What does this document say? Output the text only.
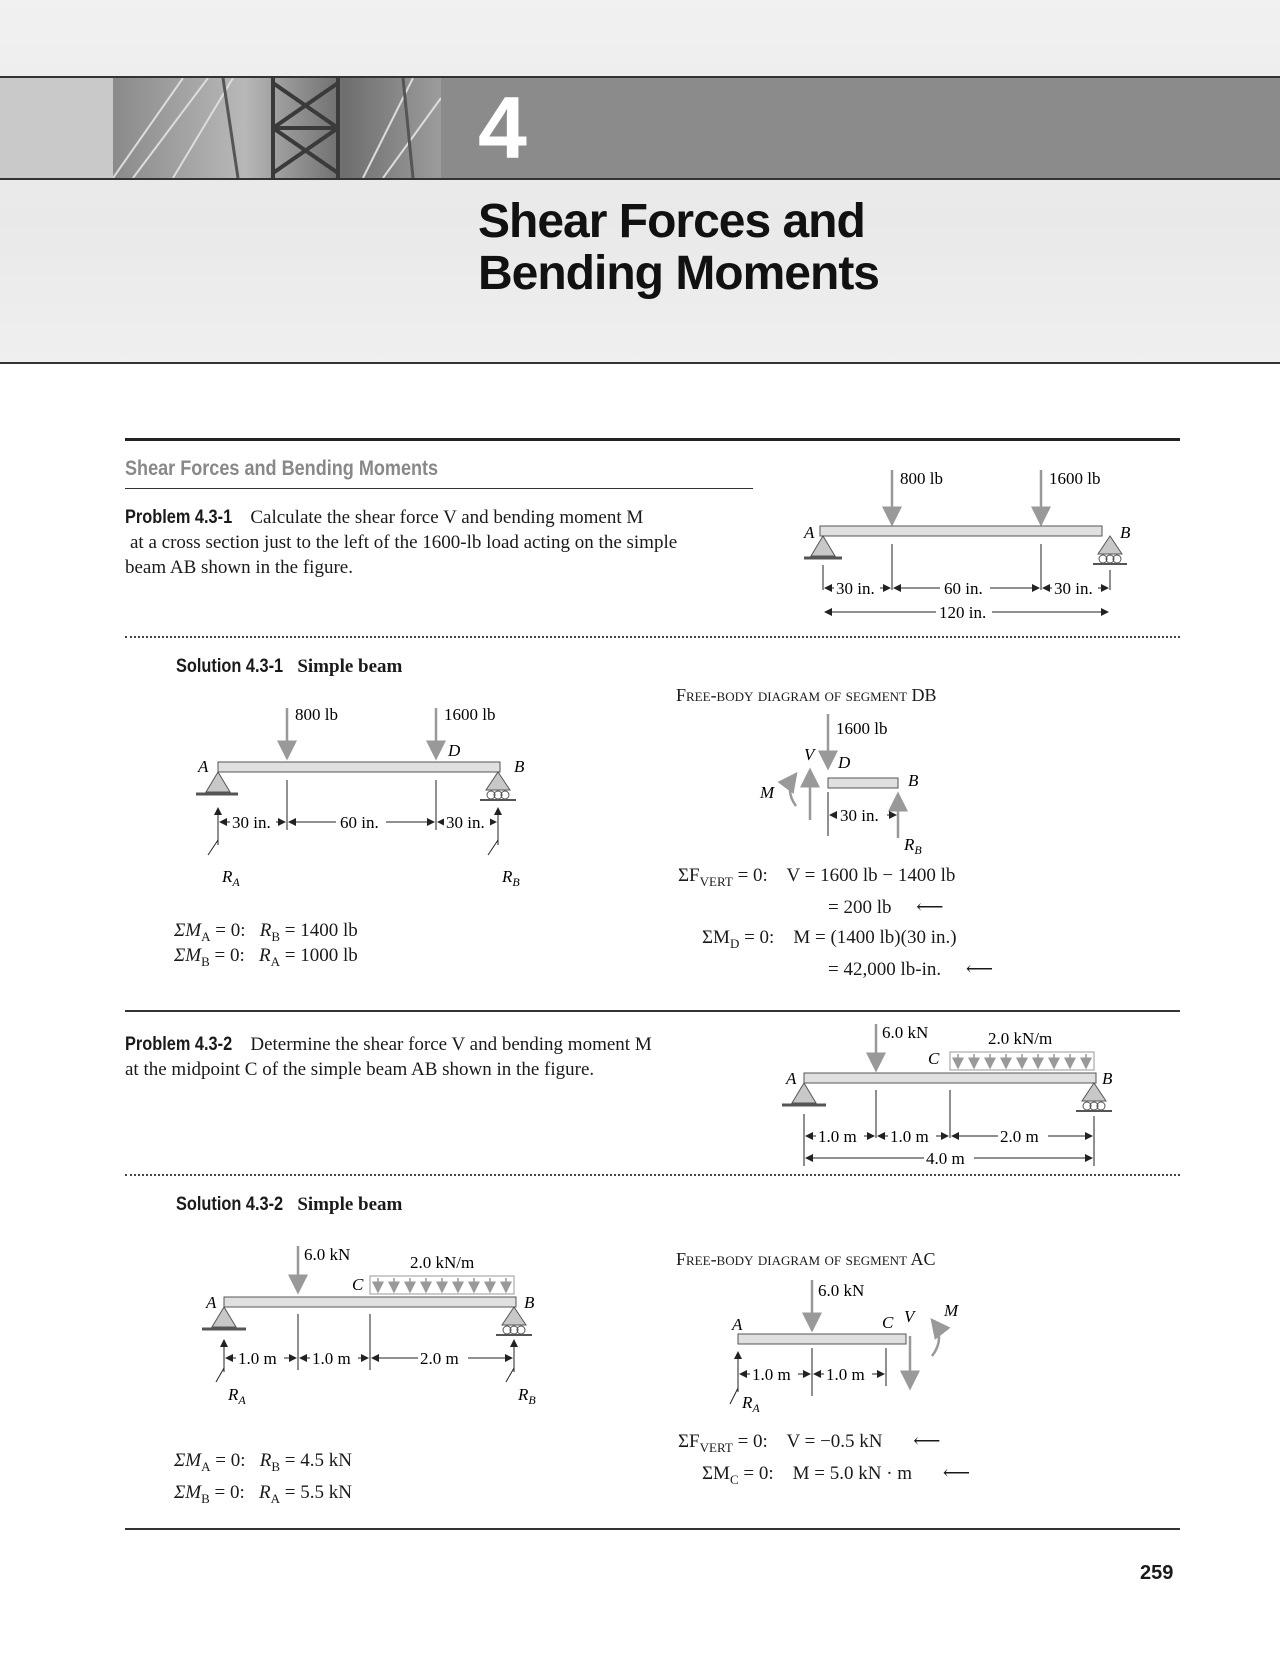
4
Shear Forces and
Bending Moments
Shear Forces and Bending Moments
Problem 4.3-1 Calculate the shear force V and bending moment M
at a cross section just to the left of the 1600-lb load acting on the simple
beam AB shown in the figure.
800 lb	1600 lb
A	B
30 in.	60 in.	30 in.
120 in.
Solution 4.3-1 Simple beam
800 lb	1600 lb
D
A	B
30 in.	60 in.	30 in.
$R_A$	$R_B$
$\Sigma M_A = 0$: $R_B = 1400$ lb
$\Sigma M_B = 0$: $R_A = 1000$ lb
Free-body diagram of segment DB
1600 lb
V D
M
B
30 in.
$R_B$
$\Sigma F_{VERT} = 0$: V = 1600 lb − 1400 lb
= 200 lb ⟵
$\Sigma M_D = 0$: M = (1400 lb)(30 in.)
= 42,000 lb-in. ⟵
Problem 4.3-2 Determine the shear force V and bending moment M
at the midpoint C of the simple beam AB shown in the figure.
6.0 kN	2.0 kN/m
C
A	B
1.0 m 1.0 m	2.0 m
4.0 m
Solution 4.3-2 Simple beam
6.0 kN	2.0 kN/m
C
A	B
1.0 m 1.0 m	2.0 m
$R_A$	$R_B$
$\Sigma M_A = 0$: $R_B = 4.5$ kN
$\Sigma M_B = 0$: $R_A = 5.5$ kN
Free-body diagram of segment AC
6.0 kN
A	C V M
1.0 m 1.0 m
$R_A$
$\Sigma F_{VERT} = 0$: V = −0.5 kN ⟵
$\Sigma M_C = 0$: M = 5.0 kN · m ⟵
259
